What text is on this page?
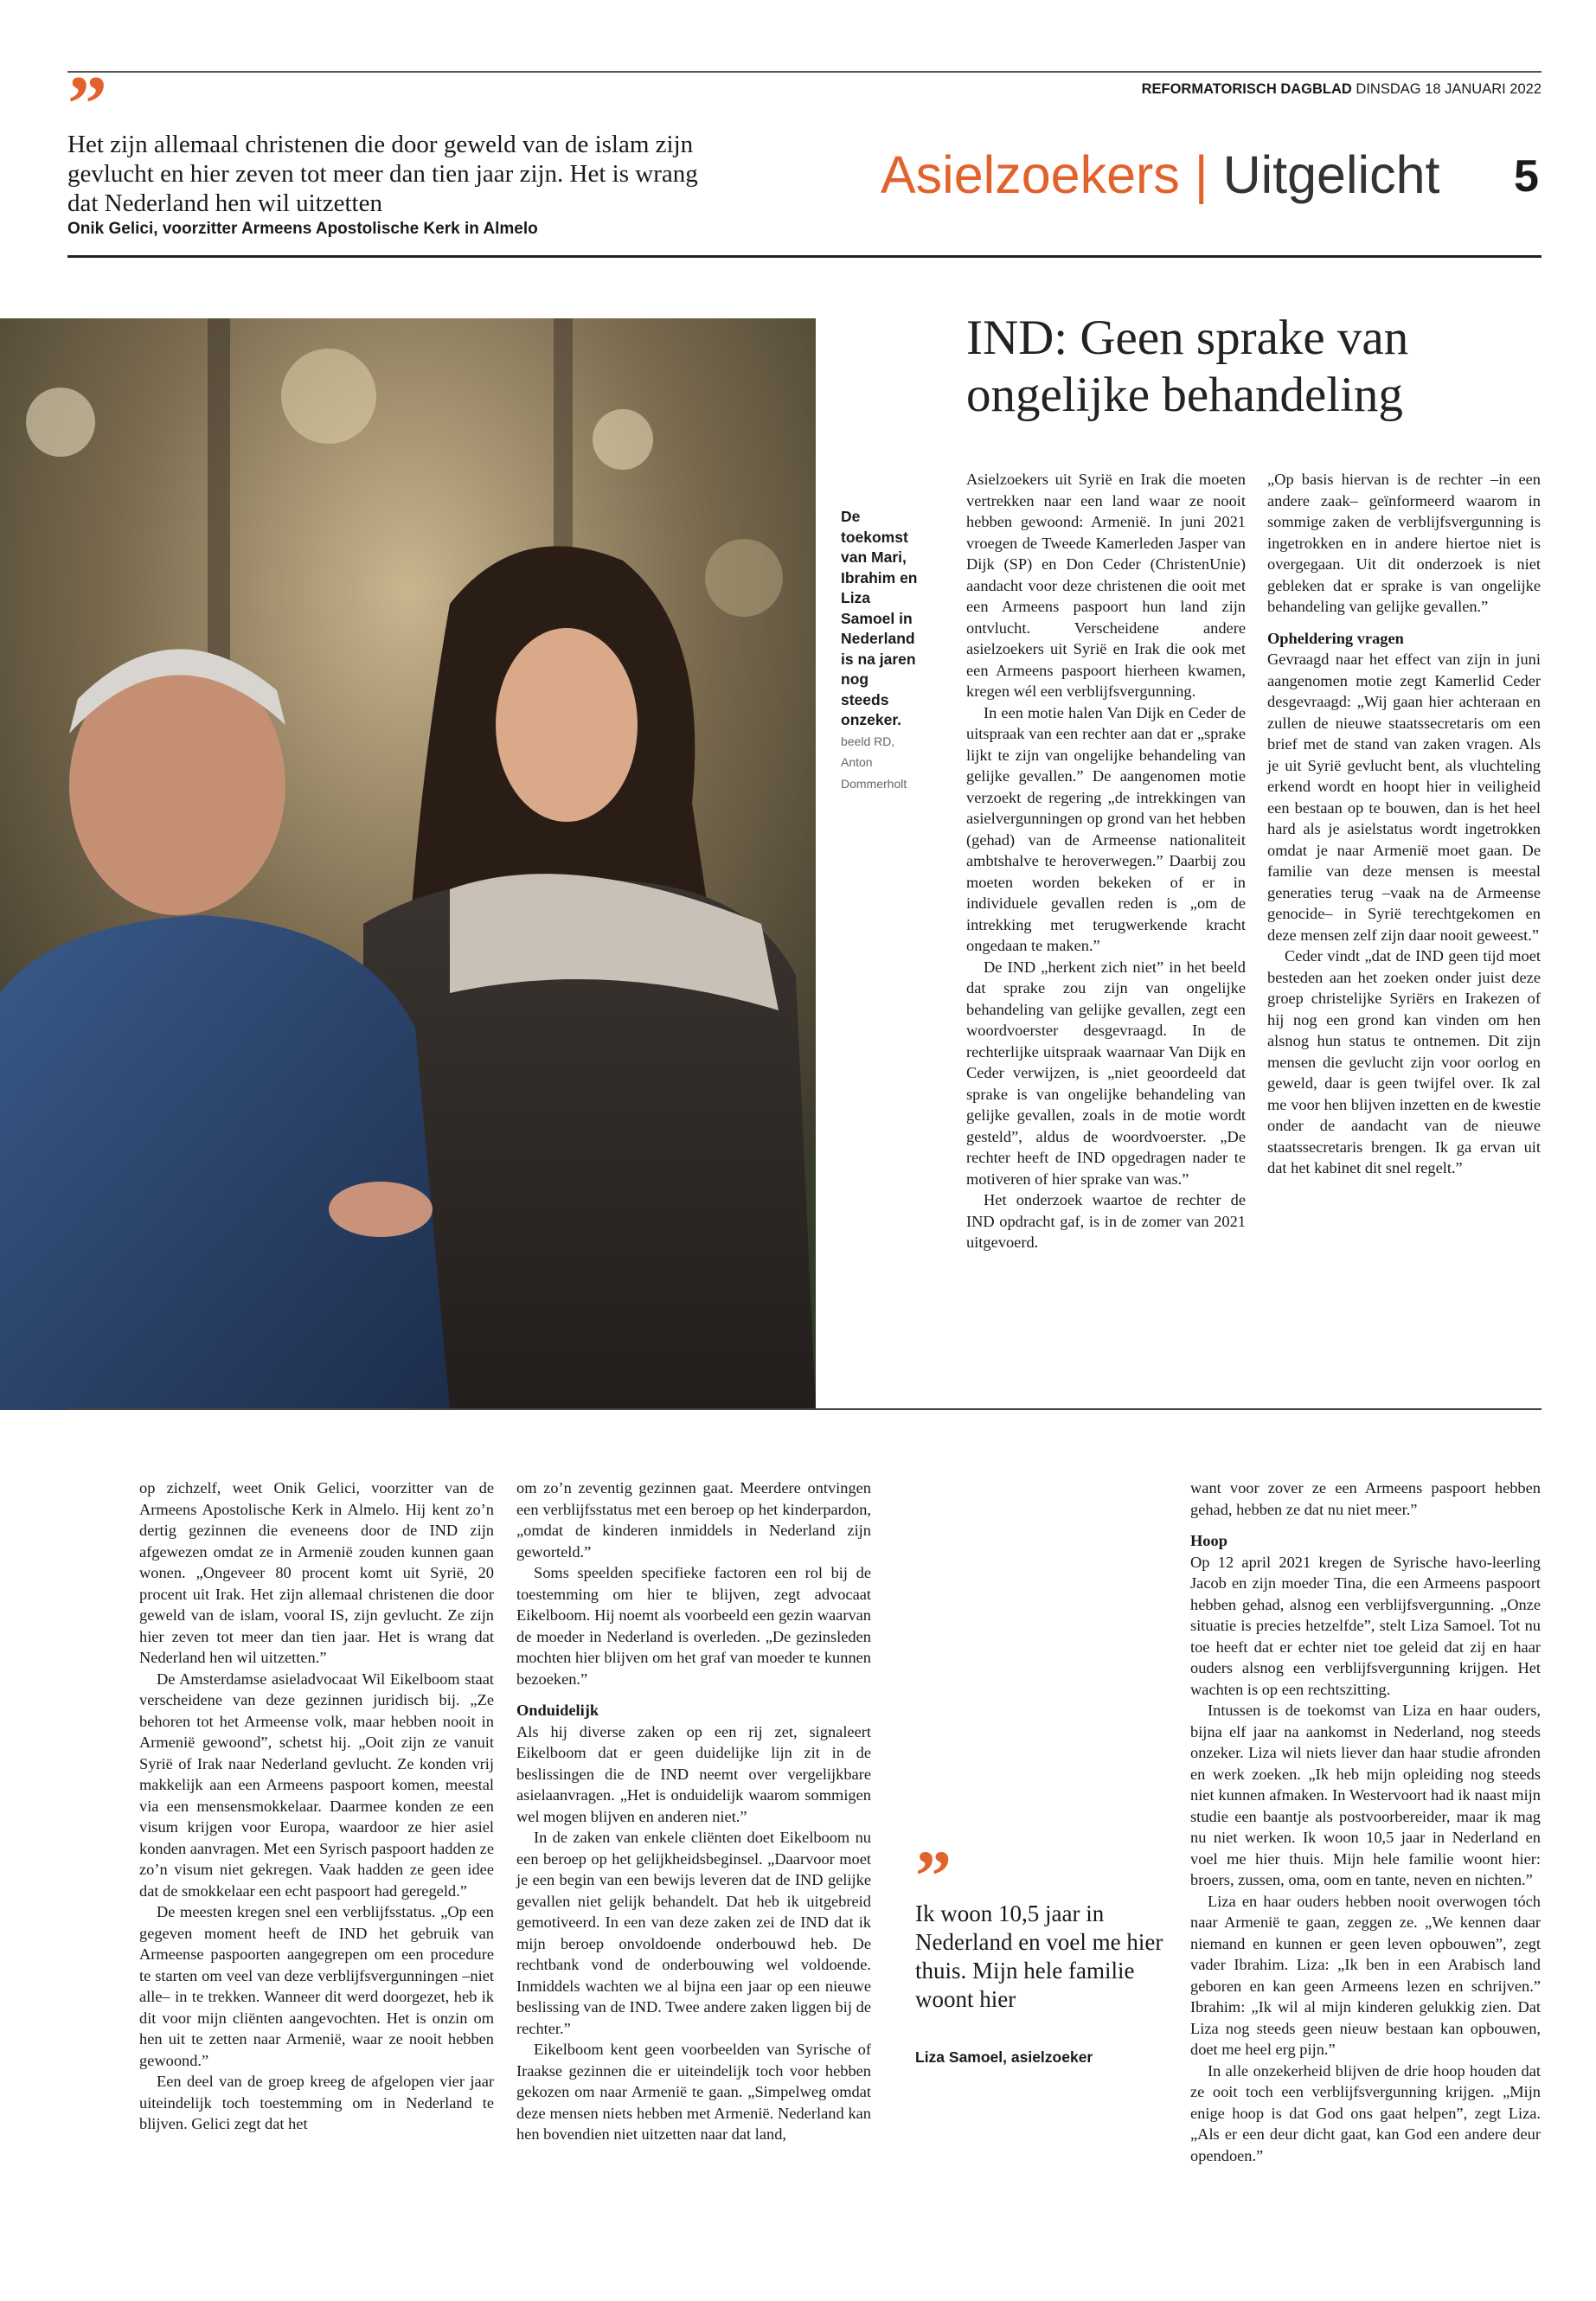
”
Het zijn allemaal christenen die door geweld van de islam zijn gevlucht en hier zeven tot meer dan tien jaar zijn. Het is wrang dat Nederland hen wil uitzetten
Onik Gelici, voorzitter Armeens Apostolische Kerk in Almelo
REFORMATORISCH DAGBLAD DINSDAG 18 JANUARI 2022
Asielzoekers | Uitgelicht 5
De toekomst van Mari, Ibrahim en Liza Samoel in Nederland is na jaren nog steeds onzeker. beeld RD, Anton Dommerholt
IND: Geen sprake van ongelijke behandeling

Asielzoekers uit Syrië en Irak die moeten vertrekken naar een land waar ze nooit hebben gewoond: Armenië. In juni 2021 vroegen de Tweede Kamerleden Jasper van Dijk (SP) en Don Ceder (ChristenUnie) aandacht voor deze christenen die ooit met een Armeens paspoort hun land zijn ontvlucht. Verscheidene andere asielzoekers uit Syrië en Irak die ook met een Armeens paspoort hierheen kwamen, kregen wél een verblijfsvergunning.

In een motie halen Van Dijk en Ceder de uitspraak van een rechter aan dat er „sprake lijkt te zijn van ongelijke behandeling van gelijke gevallen.” De aangenomen motie verzoekt de regering „de intrekkingen van asielvergunningen op grond van het hebben (gehad) van de Armeense nationaliteit ambtshalve te heroverwegen.” Daarbij zou moeten worden bekeken of er in individuele gevallen reden is „om de intrekking met terugwerkende kracht ongedaan te maken.”

De IND „herkent zich niet” in het beeld dat sprake zou zijn van ongelijke behandeling van gelijke gevallen, zegt een woordvoerster desgevraagd. In de rechterlijke uitspraak waarnaar Van Dijk en Ceder verwijzen, is „niet geoordeeld dat sprake is van ongelijke behandeling van gelijke gevallen, zoals in de motie wordt gesteld”, aldus de woordvoerster. „De rechter heeft de IND opgedragen nader te motiveren of hier sprake van was.”

Het onderzoek waartoe de rechter de IND opdracht gaf, is in de zomer van 2021 uitgevoerd.

„Op basis hiervan is de rechter –in een andere zaak– geïnformeerd waarom in sommige zaken de verblijfsvergunning is ingetrokken en in andere hiertoe niet is overgegaan. Uit dit onderzoek is niet gebleken dat er sprake is van ongelijke behandeling van gelijke gevallen.”

Opheldering vragen

Gevraagd naar het effect van zijn in juni aangenomen motie zegt Kamerlid Ceder desgevraagd: „Wij gaan hier achteraan en zullen de nieuwe staatssecretaris om een brief met de stand van zaken vragen. Als je uit Syrië gevlucht bent, als vluchteling erkend wordt en hoopt hier in veiligheid een bestaan op te bouwen, dan is het heel hard als je asielstatus wordt ingetrokken omdat je naar Armenië moet gaan. De familie van deze mensen is meestal generaties terug –vaak na de Armeense genocide– in Syrië terechtgekomen en deze mensen zelf zijn daar nooit geweest.”

Ceder vindt „dat de IND geen tijd moet besteden aan het zoeken onder juist deze groep christelijke Syriërs en Irakezen of hij nog een grond kan vinden om hen alsnog hun status te ontnemen. Dit zijn mensen die gevlucht zijn voor oorlog en geweld, daar is geen twijfel over. Ik zal me voor hen blijven inzetten en de kwestie onder de aandacht van de nieuwe staatssecretaris brengen. Ik ga ervan uit dat het kabinet dit snel regelt.”

op zichzelf, weet Onik Gelici, voorzitter van de Armeens Apostolische Kerk in Almelo. Hij kent zo’n dertig gezinnen die eveneens door de IND zijn afgewezen omdat ze in Armenië zouden kunnen gaan wonen. „Ongeveer 80 procent komt uit Syrië, 20 procent uit Irak. Het zijn allemaal christenen die door geweld van de islam, vooral IS, zijn gevlucht. Ze zijn hier zeven tot meer dan tien jaar. Het is wrang dat Nederland hen wil uitzetten.”

De Amsterdamse asieladvocaat Wil Eikelboom staat verscheidene van deze gezinnen juridisch bij. „Ze behoren tot het Armeense volk, maar hebben nooit in Armenië gewoond”, schetst hij. „Ooit zijn ze vanuit Syrië of Irak naar Nederland gevlucht. Ze konden vrij makkelijk aan een Armeens paspoort komen, meestal via een mensensmokkelaar. Daarmee konden ze een visum krijgen voor Europa, waardoor ze hier asiel konden aanvragen. Met een Syrisch paspoort hadden ze zo’n visum niet gekregen. Vaak hadden ze geen idee dat de smokkelaar een echt paspoort had geregeld.”

De meesten kregen snel een verblijfsstatus. „Op een gegeven moment heeft de IND het gebruik van Armeense paspoorten aangegrepen om een procedure te starten om veel van deze verblijfsvergunningen –niet alle– in te trekken. Wanneer dit werd doorgezet, heb ik dit voor mijn cliënten aangevochten. Het is onzin om hen uit te zetten naar Armenië, waar ze nooit hebben gewoond.”

Een deel van de groep kreeg de afgelopen vier jaar uiteindelijk toch toestemming om in Nederland te blijven. Gelici zegt dat het

om zo’n zeventig gezinnen gaat. Meerdere ontvingen een verblijfsstatus met een beroep op het kinderpardon, „omdat de kinderen inmiddels in Nederland zijn geworteld.”

Soms speelden specifieke factoren een rol bij de toestemming om hier te blijven, zegt advocaat Eikelboom. Hij noemt als voorbeeld een gezin waarvan de moeder in Nederland is overleden. „De gezinsleden mochten hier blijven om het graf van moeder te kunnen bezoeken.”

Onduidelijk

Als hij diverse zaken op een rij zet, signaleert Eikelboom dat er geen duidelijke lijn zit in de beslissingen die de IND neemt over vergelijkbare asielaanvragen. „Het is onduidelijk waarom sommigen wel mogen blijven en anderen niet.”

In de zaken van enkele cliënten doet Eikelboom nu een beroep op het gelijkheidsbeginsel. „Daarvoor moet je een begin van een bewijs leveren dat de IND gelijke gevallen niet gelijk behandelt. Dat heb ik uitgebreid gemotiveerd. In een van deze zaken zei de IND dat ik mijn beroep onvoldoende onderbouwd heb. De rechtbank vond de onderbouwing wel voldoende. Inmiddels wachten we al bijna een jaar op een nieuwe beslissing van de IND. Twee andere zaken liggen bij de rechter.”

Eikelboom kent geen voorbeelden van Syrische of Iraakse gezinnen die er uiteindelijk toch voor hebben gekozen om naar Armenië te gaan. „Simpelweg omdat deze mensen niets hebben met Armenië. Nederland kan hen bovendien niet uitzetten naar dat land,

”
Ik woon 10,5 jaar in Nederland en voel me hier thuis. Mijn hele familie woont hier
Liza Samoel, asielzoeker

want voor zover ze een Armeens paspoort hebben gehad, hebben ze dat nu niet meer.”

Hoop

Op 12 april 2021 kregen de Syrische havo-leerling Jacob en zijn moeder Tina, die een Armeens paspoort hebben gehad, alsnog een verblijfsvergunning. „Onze situatie is precies hetzelfde”, stelt Liza Samoel. Tot nu toe heeft dat er echter niet toe geleid dat zij en haar ouders alsnog een verblijfsvergunning krijgen. Het wachten is op een rechtszitting.

Intussen is de toekomst van Liza en haar ouders, bijna elf jaar na aankomst in Nederland, nog steeds onzeker. Liza wil niets liever dan haar studie afronden en werk zoeken. „Ik heb mijn opleiding nog steeds niet kunnen afmaken. In Westervoort had ik naast mijn studie een baantje als postvoorbereider, maar ik mag nu niet werken. Ik woon 10,5 jaar in Nederland en voel me hier thuis. Mijn hele familie woont hier: broers, zussen, oma, oom en tante, neven en nichten.”

Liza en haar ouders hebben nooit overwogen tóch naar Armenië te gaan, zeggen ze. „We kennen daar niemand en kunnen er geen leven opbouwen”, zegt vader Ibrahim. Liza: „Ik ben in een Arabisch land geboren en kan geen Armeens lezen en schrijven.” Ibrahim: „Ik wil al mijn kinderen gelukkig zien. Dat Liza nog steeds geen nieuw bestaan kan opbouwen, doet me heel erg pijn.”

In alle onzekerheid blijven de drie hoop houden dat ze ooit toch een verblijfsvergunning krijgen. „Mijn enige hoop is dat God ons gaat helpen”, zegt Liza. „Als er een deur dicht gaat, kan God een andere deur opendoen.”
